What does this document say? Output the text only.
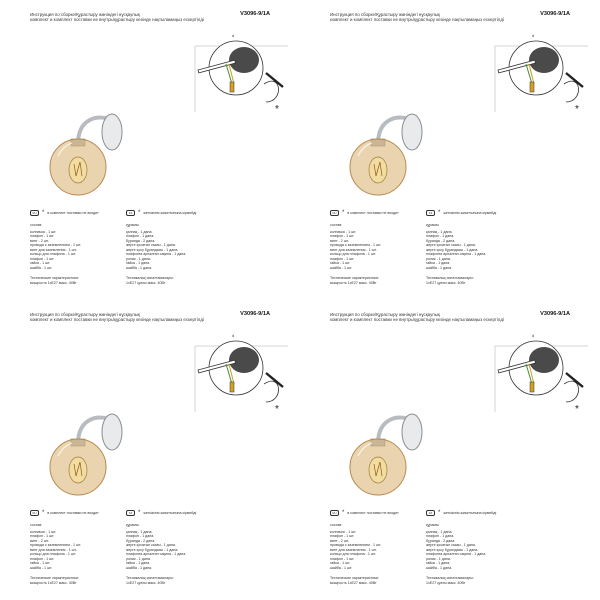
Инструкция по сборке/Құрастыру жөніндегі нұсқаулық	V3096-9/1A
комплект и комплект поставки не внутрь/құрастыру кезінде нақтыламаңыз ескертілді
*
d
RU * в комплект поставки не входит	KZ * жеткізілім жиынтығына кірмейді
состав:
колпачок - 1 шт.
плафон - 1 шт.
винт - 2 шт.
провода с заземлением - 1 шт.
винт для заземления - 1 шт.
кольцо для плафона - 1 шт.
плафон - 1 шт.
гайка - 1 шт.
шайба - 1 шт.
Технические характеристики:
мощность 1xE27 макс. 40Вт
құрамы:
қалпақ - 1 дана.
плафон - 1 дана.
бұранда - 2 дана.
жерге қосатын сымы - 1 дана.
жерге қосу бұрандасы - 1 дана.
плафонға арналған сақина - 1 дана.
ролик - 1 дана.
гайка - 1 дана.
шайба - 1 дана.
Техникалық сипаттамалары:
1xE27 қуаты макс. 40Вт
Инструкция по сборке/Құрастыру жөніндегі нұсқаулық	V3096-9/1A
комплект и комплект поставки не внутрь/құрастыру кезінде нақтыламаңыз ескертілді
*
d
RU * в комплект поставки не входит	KZ * жеткізілім жиынтығына кірмейді
состав:
колпачок - 1 шт.
плафон - 1 шт.
винт - 2 шт.
провода с заземлением - 1 шт.
винт для заземления - 1 шт.
кольцо для плафона - 1 шт.
плафон - 1 шт.
гайка - 1 шт.
шайба - 1 шт.
Технические характеристики:
мощность 1xE27 макс. 40Вт
құрамы:
қалпақ - 1 дана.
плафон - 1 дана.
бұранда - 2 дана.
жерге қосатын сымы - 1 дана.
жерге қосу бұрандасы - 1 дана.
плафонға арналған сақина - 1 дана.
ролик - 1 дана.
гайка - 1 дана.
шайба - 1 дана.
Техникалық сипаттамалары:
1xE27 қуаты макс. 40Вт
Инструкция по сборке/Құрастыру жөніндегі нұсқаулық	V3096-9/1A
комплект и комплект поставки не внутрь/құрастыру кезінде нақтыламаңыз ескертілді
*
d
RU * в комплект поставки не входит	KZ * жеткізілім жиынтығына кірмейді
состав:
колпачок - 1 шт.
плафон - 1 шт.
винт - 2 шт.
провода с заземлением - 1 шт.
винт для заземления - 1 шт.
кольцо для плафона - 1 шт.
плафон - 1 шт.
гайка - 1 шт.
шайба - 1 шт.
Технические характеристики:
мощность 1xE27 макс. 40Вт
құрамы:
қалпақ - 1 дана.
плафон - 1 дана.
бұранда - 2 дана.
жерге қосатын сымы - 1 дана.
жерге қосу бұрандасы - 1 дана.
плафонға арналған сақина - 1 дана.
ролик - 1 дана.
гайка - 1 дана.
шайба - 1 дана.
Техникалық сипаттамалары:
1xE27 қуаты макс. 40Вт
Инструкция по сборке/Құрастыру жөніндегі нұсқаулық	V3096-9/1A
комплект и комплект поставки не внутрь/құрастыру кезінде нақтыламаңыз ескертілді
*
d
RU * в комплект поставки не входит	KZ * жеткізілім жиынтығына кірмейді
состав:
колпачок - 1 шт.
плафон - 1 шт.
винт - 2 шт.
провода с заземлением - 1 шт.
винт для заземления - 1 шт.
кольцо для плафона - 1 шт.
плафон - 1 шт.
гайка - 1 шт.
шайба - 1 шт.
Технические характеристики:
мощность 1xE27 макс. 40Вт
құрамы:
қалпақ - 1 дана.
плафон - 1 дана.
бұранда - 2 дана.
жерге қосатын сымы - 1 дана.
жерге қосу бұрандасы - 1 дана.
плафонға арналған сақина - 1 дана.
ролик - 1 дана.
гайка - 1 дана.
шайба - 1 дана.
Техникалық сипаттамалары:
1xE27 қуаты макс. 40Вт
